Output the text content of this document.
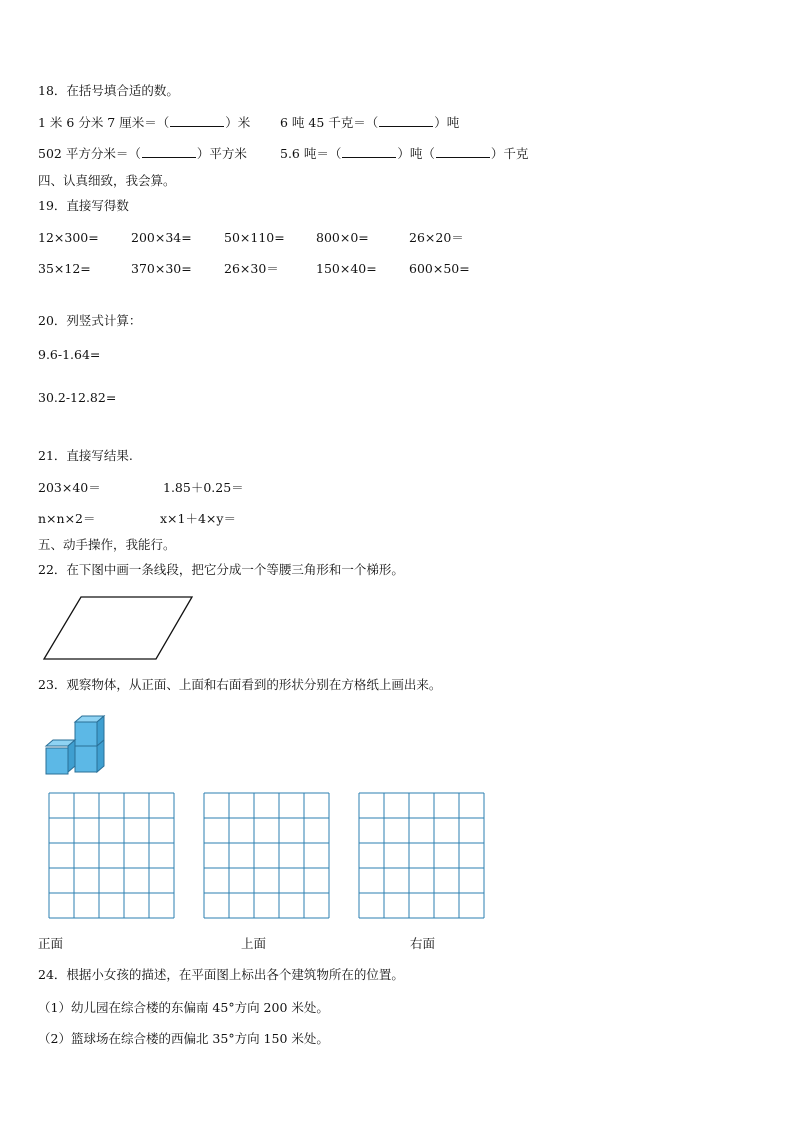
18．在括号填合适的数。
1 米 6 分米 7 厘米＝（	）米 6 吨 45 千克＝（	）吨
502 平方分米＝（	）平方米	5.6 吨＝（	）吨（	）千克
四、认真细致，我会算。
19．直接写得数
12×300=	200×34=	50×110=	800×0=	26×20＝
35×12=	370×30=	26×30＝	150×40=	600×50=
20．列竖式计算：
9.6-1.64=
30.2-12.82=
21．直接写结果.
203×40＝	1.85＋0.25＝
n×n×2＝	x×1＋4×y＝
五、动手操作，我能行。
22．在下图中画一条线段，把它分成一个等腰三角形和一个梯形。
23．观察物体，从正面、上面和右面看到的形状分别在方格纸上画出来。
正面	上面	右面
24．根据小女孩的描述，在平面图上标出各个建筑物所在的位置。
（1）幼儿园在综合楼的东偏南 45°方向 200 米处。
（2）篮球场在综合楼的西偏北 35°方向 150 米处。
